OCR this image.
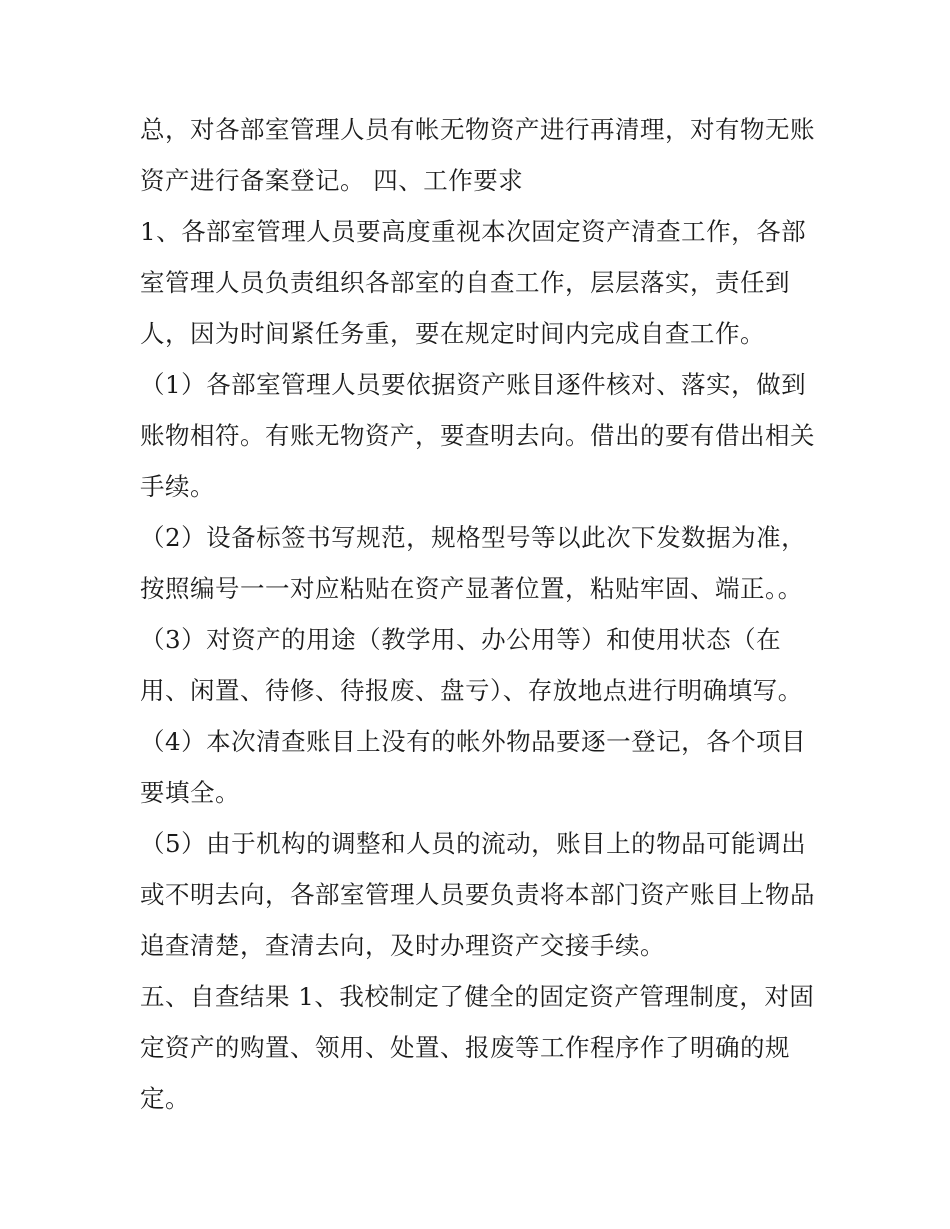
总，对各部室管理人员有帐无物资产进行再清理，对有物无账
资产进行备案登记。 四、工作要求
1、各部室管理人员要高度重视本次固定资产清查工作，各部
室管理人员负责组织各部室的自查工作，层层落实，责任到
人，因为时间紧任务重，要在规定时间内完成自查工作。
（1）各部室管理人员要依据资产账目逐件核对、落实，做到
账物相符。有账无物资产，要查明去向。借出的要有借出相关
手续。
（2）设备标签书写规范，规格型号等以此次下发数据为准，
按照编号一一对应粘贴在资产显著位置，粘贴牢固、端正。。
（3）对资产的用途（教学用、办公用等）和使用状态（在
用、闲置、待修、待报废、盘亏）、存放地点进行明确填写。
（4）本次清查账目上没有的帐外物品要逐一登记，各个项目
要填全。
（5）由于机构的调整和人员的流动，账目上的物品可能调出
或不明去向，各部室管理人员要负责将本部门资产账目上物品
追查清楚，查清去向，及时办理资产交接手续。
五、自查结果 1、我校制定了健全的固定资产管理制度，对固
定资产的购置、领用、处置、报废等工作程序作了明确的规
定。
